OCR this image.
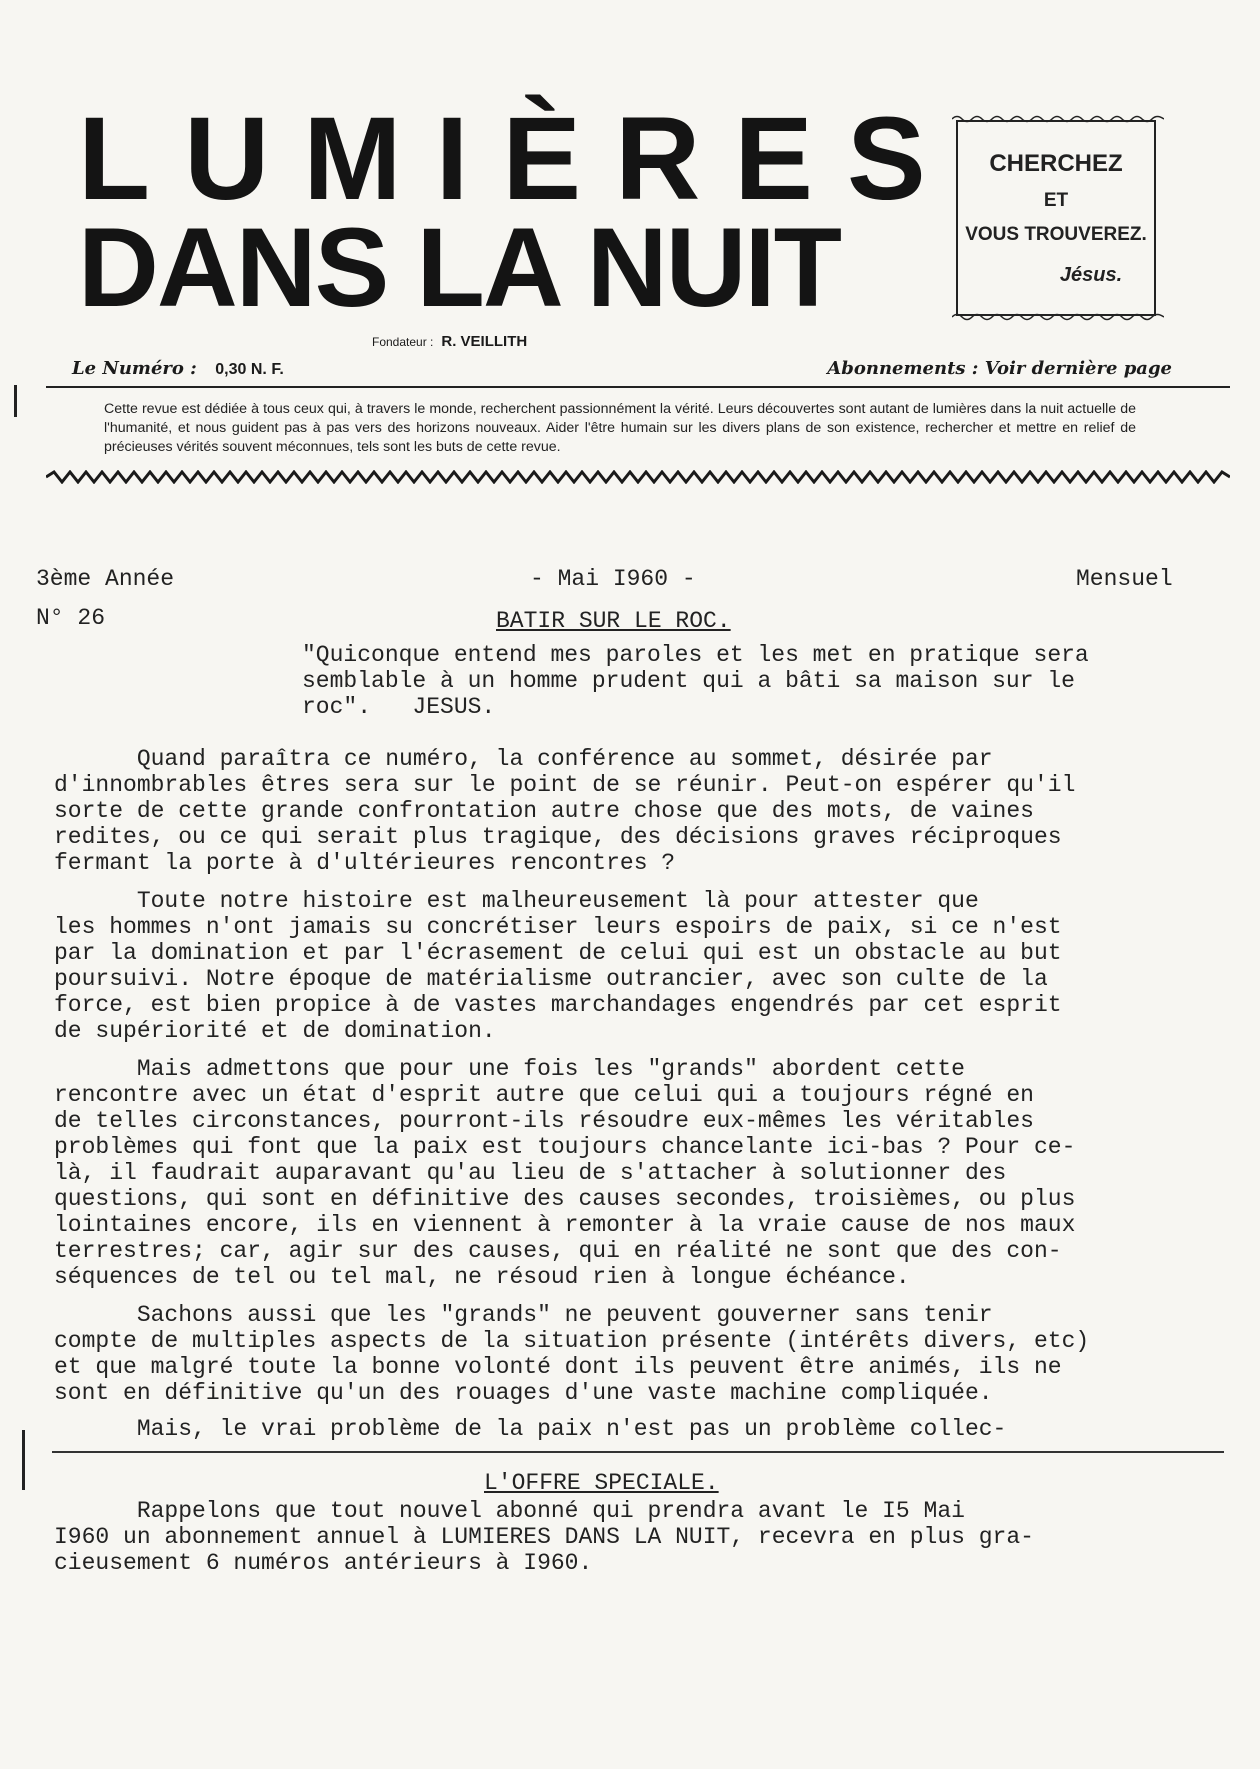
LUMIÈRES
DANS LA NUIT
CHERCHEZ
ET
VOUS TROUVEREZ.
Jésus.
Fondateur : R. VEILLITH
Le Numéro : 0,30 N. F.	Abonnements : Voir dernière page
Cette revue est dédiée à tous ceux qui, à travers le monde, recherchent passionnément la vérité. Leurs découvertes sont autant de lumières dans la nuit actuelle de l'humanité, et nous guident pas à pas vers des horizons nouveaux. Aider l'être humain sur les divers plans de son existence, rechercher et mettre en relief de précieuses vérités souvent méconnues, tels sont les buts de cette revue.
3ème Année	- Mai I960 -	Mensuel
N° 26	BATIR SUR LE ROC.
"Quiconque entend mes paroles et les met en pratique sera
semblable à un homme prudent qui a bâti sa maison sur le
roc".   JESUS.
Quand paraîtra ce numéro, la conférence au sommet, désirée par
d'innombrables êtres sera sur le point de se réunir. Peut-on espérer qu'il
sorte de cette grande confrontation autre chose que des mots, de vaines
redites, ou ce qui serait plus tragique, des décisions graves réciproques
fermant la porte à d'ultérieures rencontres ?
Toute notre histoire est malheureusement là pour attester que
les hommes n'ont jamais su concrétiser leurs espoirs de paix, si ce n'est
par la domination et par l'écrasement de celui qui est un obstacle au but
poursuivi. Notre époque de matérialisme outrancier, avec son culte de la
force, est bien propice à de vastes marchandages engendrés par cet esprit
de supériorité et de domination.
Mais admettons que pour une fois les "grands" abordent cette
rencontre avec un état d'esprit autre que celui qui a toujours régné en
de telles circonstances, pourront-ils résoudre eux-mêmes les véritables
problèmes qui font que la paix est toujours chancelante ici-bas ? Pour ce-
là, il faudrait auparavant qu'au lieu de s'attacher à solutionner des
questions, qui sont en définitive des causes secondes, troisièmes, ou plus
lointaines encore, ils en viennent à remonter à la vraie cause de nos maux
terrestres; car, agir sur des causes, qui en réalité ne sont que des con-
séquences de tel ou tel mal, ne résoud rien à longue échéance.
Sachons aussi que les "grands" ne peuvent gouverner sans tenir
compte de multiples aspects de la situation présente (intérêts divers, etc)
et que malgré toute la bonne volonté dont ils peuvent être animés, ils ne
sont en définitive qu'un des rouages d'une vaste machine compliquée.
Mais, le vrai problème de la paix n'est pas un problème collec-
L'OFFRE SPECIALE.
Rappelons que tout nouvel abonné qui prendra avant le I5 Mai
I960 un abonnement annuel à LUMIERES DANS LA NUIT, recevra en plus gra-
cieusement 6 numéros antérieurs à I960.
